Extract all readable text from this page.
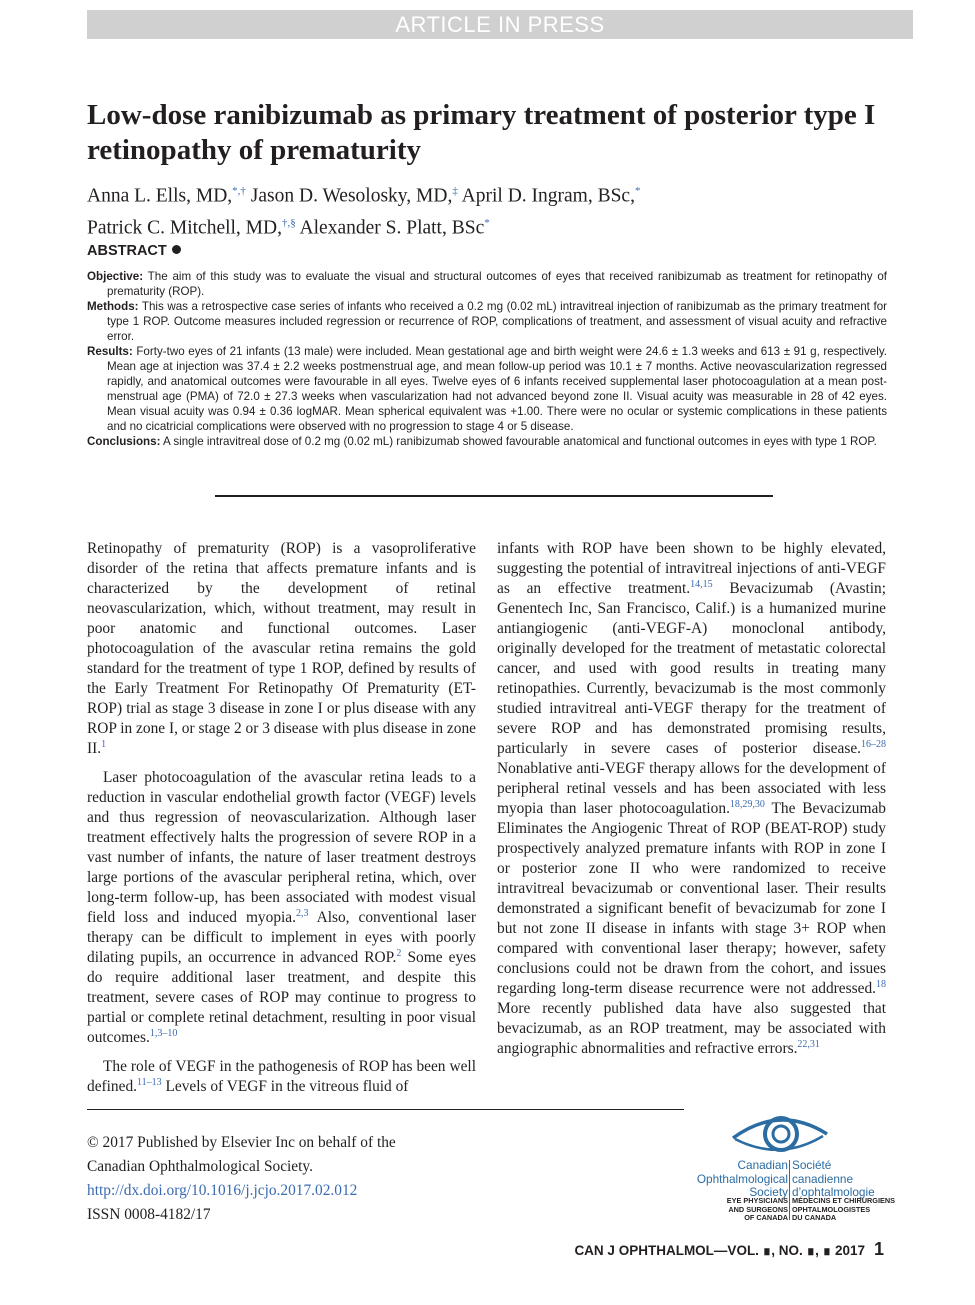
ARTICLE IN PRESS
Low-dose ranibizumab as primary treatment of posterior type I retinopathy of prematurity
Anna L. Ells, MD,*,† Jason D. Wesolosky, MD,‡ April D. Ingram, BSc,*
Patrick C. Mitchell, MD,†,§ Alexander S. Platt, BSc*
ABSTRACT

Objective: The aim of this study was to evaluate the visual and structural outcomes of eyes that received ranibizumab as treatment for retinopathy of prematurity (ROP).

Methods: This was a retrospective case series of infants who received a 0.2 mg (0.02 mL) intravitreal injection of ranibizumab as the primary treatment for type 1 ROP. Outcome measures included regression or recurrence of ROP, complications of treatment, and assessment of visual acuity and refractive error.

Results: Forty-two eyes of 21 infants (13 male) were included. Mean gestational age and birth weight were 24.6 ± 1.3 weeks and 613 ± 91 g, respectively. Mean age at injection was 37.4 ± 2.2 weeks postmenstrual age, and mean follow-up period was 10.1 ± 7 months. Active neovascularization regressed rapidly, and anatomical outcomes were favourable in all eyes. Twelve eyes of 6 infants received supplemental laser photocoagulation at a mean post-menstrual age (PMA) of 72.0 ± 27.3 weeks when vascularization had not advanced beyond zone II. Visual acuity was measurable in 28 of 42 eyes. Mean visual acuity was 0.94 ± 0.36 logMAR. Mean spherical equivalent was +1.00. There were no ocular or systemic complications in these patients and no cicatricial complications were observed with no progression to stage 4 or 5 disease.

Conclusions: A single intravitreal dose of 0.2 mg (0.02 mL) ranibizumab showed favourable anatomical and functional outcomes in eyes with type 1 ROP.

Retinopathy of prematurity (ROP) is a vasoproliferative disorder of the retina that affects premature infants and is characterized by the development of retinal neovascularization, which, without treatment, may result in poor anatomic and functional outcomes. Laser photocoagulation of the avascular retina remains the gold standard for the treatment of type 1 ROP, defined by results of the Early Treatment For Retinopathy Of Prematurity (ET-ROP) trial as stage 3 disease in zone I or plus disease with any ROP in zone I, or stage 2 or 3 disease with plus disease in zone II.$^1$

Laser photocoagulation of the avascular retina leads to a reduction in vascular endothelial growth factor (VEGF) levels and thus regression of neovascularization. Although laser treatment effectively halts the progression of severe ROP in a vast number of infants, the nature of laser treatment destroys large portions of the avascular peripheral retina, which, over long-term follow-up, has been associated with modest visual field loss and induced myopia.$^{2,3}$ Also, conventional laser therapy can be difficult to implement in eyes with poorly dilating pupils, an occurrence in advanced ROP.$^2$ Some eyes do require additional laser treatment, and despite this treatment, severe cases of ROP may continue to progress to partial or complete retinal detachment, resulting in poor visual outcomes.$^{1,3-10}$

The role of VEGF in the pathogenesis of ROP has been well defined.$^{11-13}$ Levels of VEGF in the vitreous fluid of

infants with ROP have been shown to be highly elevated, suggesting the potential of intravitreal injections of anti-VEGF as an effective treatment.$^{14,15}$ Bevacizumab (Avastin; Genentech Inc, San Francisco, Calif.) is a humanized murine antiangiogenic (anti-VEGF-A) monoclonal antibody, originally developed for the treatment of metastatic colorectal cancer, and used with good results in treating many retinopathies. Currently, bevacizumab is the most commonly studied intravitreal anti-VEGF therapy for the treatment of severe ROP and has demonstrated promising results, particularly in severe cases of posterior disease.$^{16-28}$ Nonablative anti-VEGF therapy allows for the development of peripheral retinal vessels and has been associated with less myopia than laser photocoagulation.$^{18,29,30}$ The Bevacizumab Eliminates the Angiogenic Threat of ROP (BEAT-ROP) study prospectively analyzed premature infants with ROP in zone I or posterior zone II who were randomized to receive intravitreal bevacizumab or conventional laser. Their results demonstrated a significant benefit of bevacizumab for zone I but not zone II disease in infants with stage 3+ ROP when compared with conventional laser therapy; however, safety conclusions could not be drawn from the cohort, and issues regarding long-term disease recurrence were not addressed.$^{18}$ More recently published data have also suggested that bevacizumab, as an ROP treatment, may be associated with angiographic abnormalities and refractive errors.$^{22,31}$

© 2017 Published by Elsevier Inc on behalf of the
Canadian Ophthalmological Society.
http://dx.doi.org/10.1016/j.jcjo.2017.02.012
ISSN 0008-4182/17
Canadian
Ophthalmological
Society
Société
canadienne
d’ophtalmologie
EYE PHYSICIANS
AND SURGEONS
OF CANADA
MÉDECINS ET CHIRURGIENS
OPHTALMOLOGISTES
DU CANADA
CAN J OPHTHALMOL—VOL. ∎, NO. ∎, ∎ 2017 1
